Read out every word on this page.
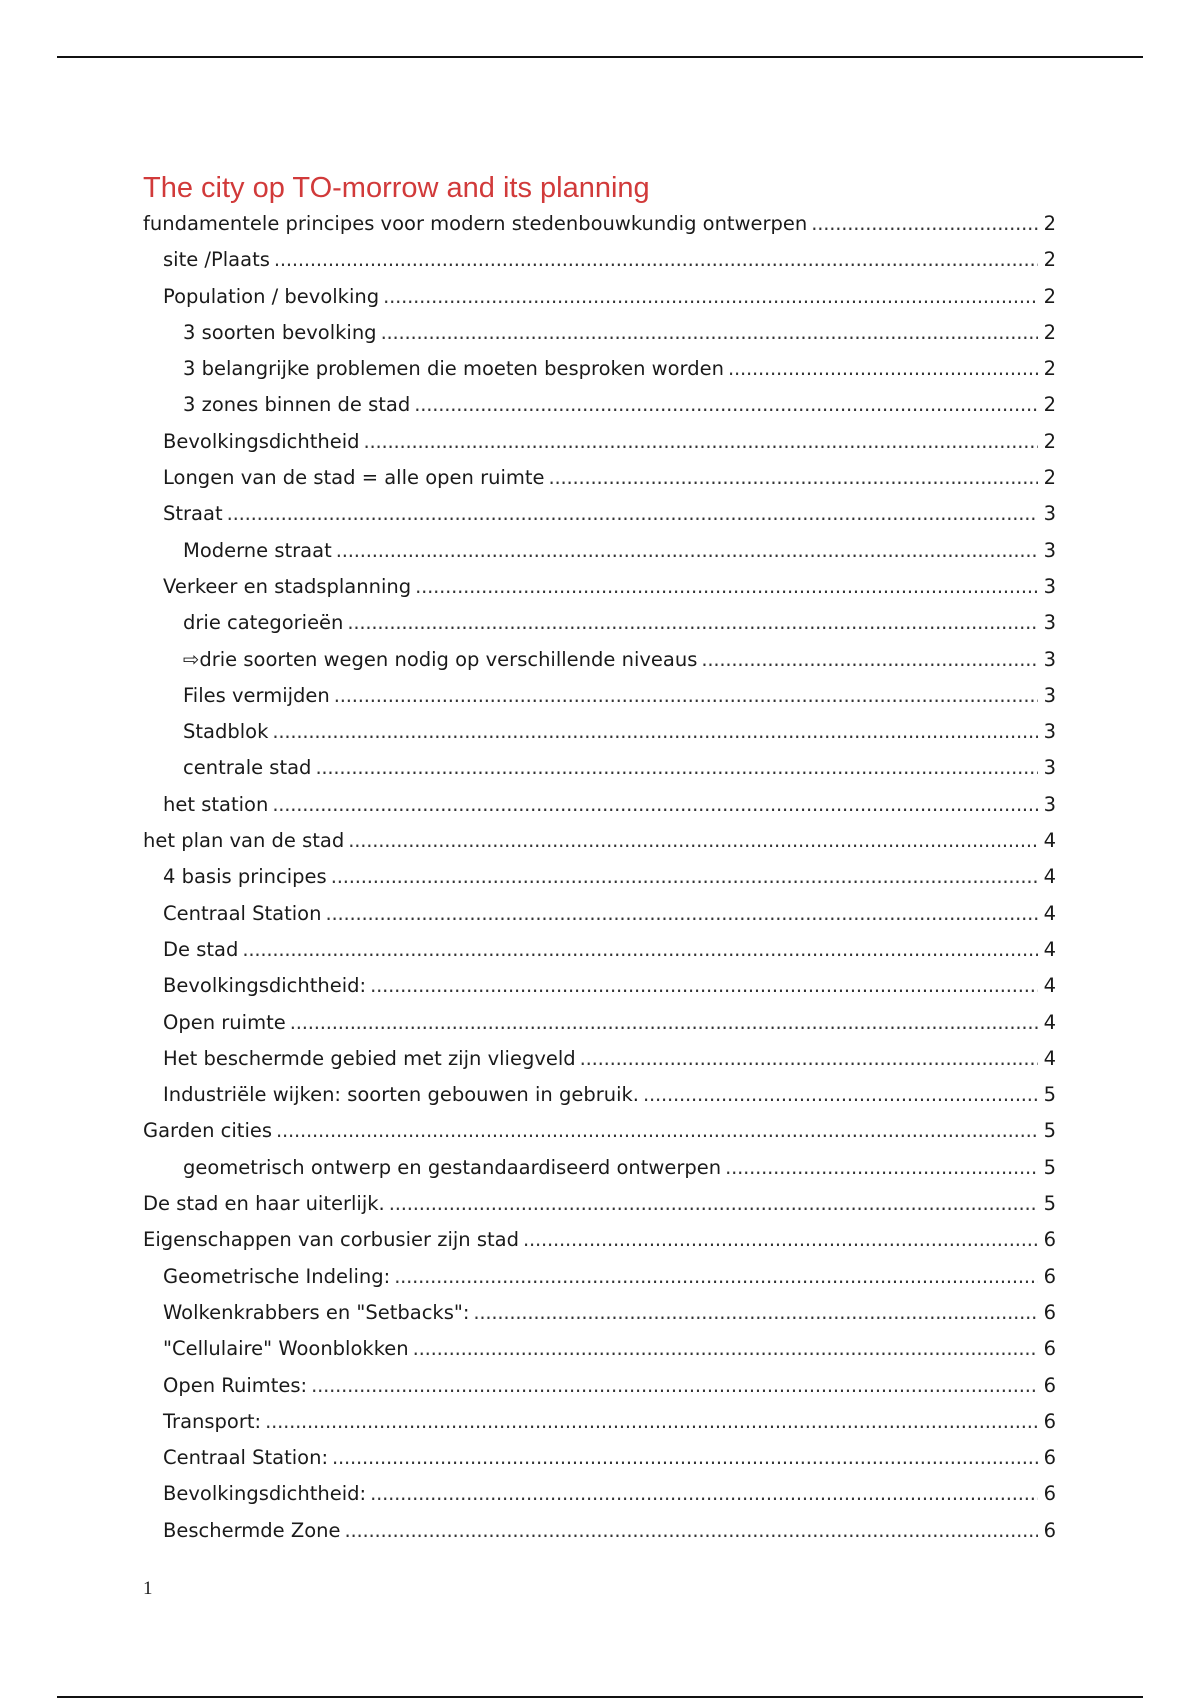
The city op TO-morrow and its planning
fundamentele principes voor modern stedenbouwkundig ontwerpen . . .	2
site /Plaats . . .	2
Population / bevolking . . .	2
3 soorten bevolking . . .	2
3 belangrijke problemen die moeten besproken worden . . .	2
3 zones binnen de stad . . .	2
Bevolkingsdichtheid . . .	2
Longen van de stad = alle open ruimte . . .	2
Straat . . .	3
Moderne straat . . .	3
Verkeer en stadsplanning . . .	3
drie categorieën . . .	3
⇨ drie soorten wegen nodig op verschillende niveaus . . .	3
Files vermijden . . .	3
Stadblok . . .	3
centrale stad . . .	3
het station . . .	3
het plan van de stad . . .	4
4 basis principes . . .	4
Centraal Station . . .	4
De stad . . .	4
Bevolkingsdichtheid: . . .	4
Open ruimte . . .	4
Het beschermde gebied met zijn vliegveld . . .	4
Industriële wijken: soorten gebouwen in gebruik. . . .	5
Garden cities . . .	5
geometrisch ontwerp en gestandaardiseerd ontwerpen . . .	5
De stad en haar uiterlijk. . . .	5
Eigenschappen van corbusier zijn stad . . .	6
Geometrische Indeling: . . .	6
Wolkenkrabbers en "Setbacks": . . .	6
"Cellulaire" Woonblokken . . .	6
Open Ruimtes: . . .	6
Transport: . . .	6
Centraal Station: . . .	6
Bevolkingsdichtheid: . . .	6
Beschermde Zone . . .	6
1
